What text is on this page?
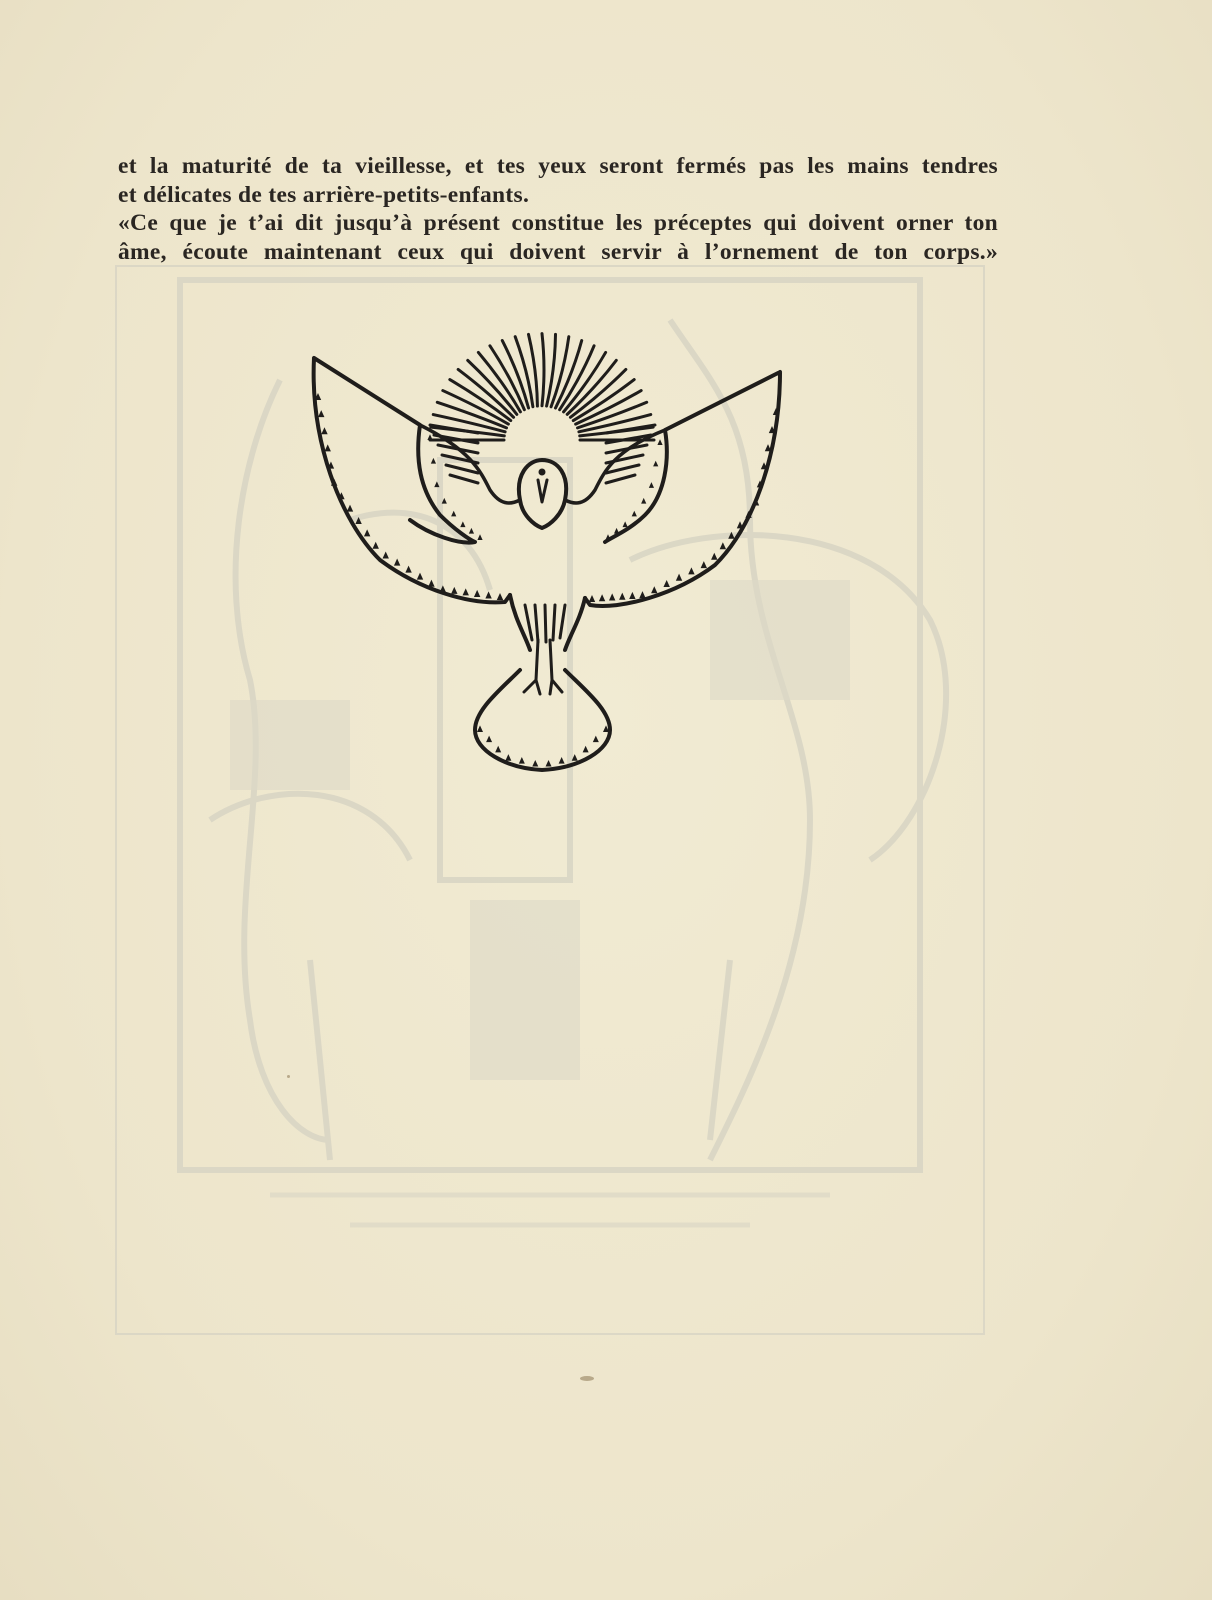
et la maturité de ta vieillesse, et tes yeux seront fermés pas les mains tendres
et délicates de tes arrière-petits-enfants.
«Ce que je t’ai dit jusqu’à présent constitue les préceptes qui doivent orner ton
âme, écoute maintenant ceux qui doivent servir à l’ornement de ton corps.»
